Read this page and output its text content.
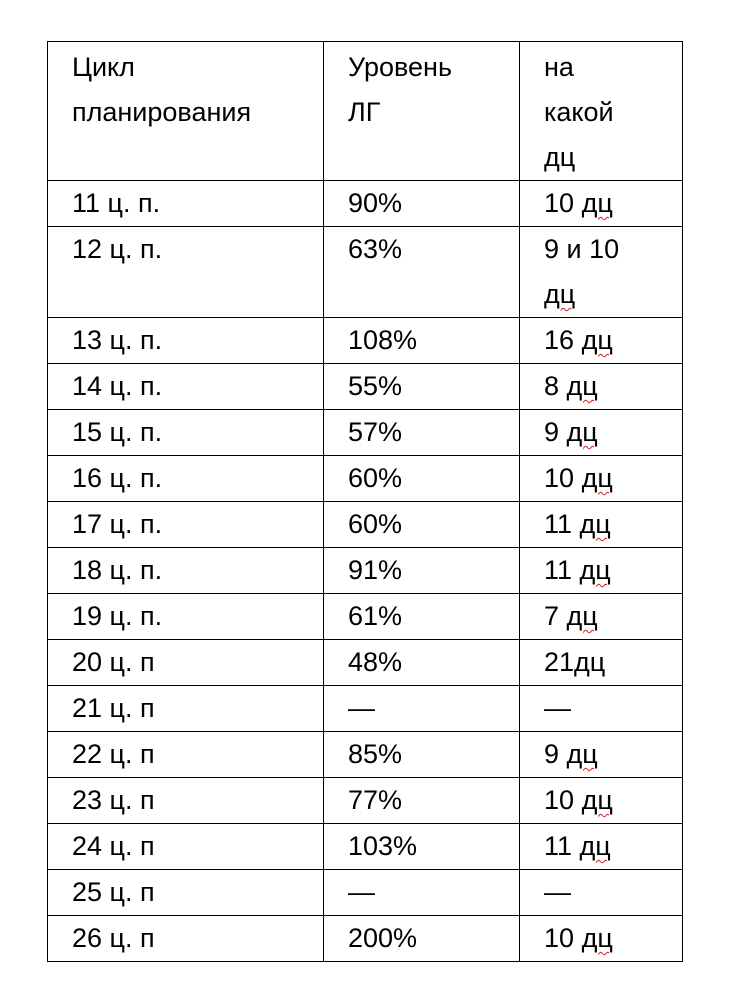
Цикл планирования	Уровень ЛГ	на какой дц

11 ц. п.	90%	10 дц
12 ц. п.	63%	9 и 10
дц
13 ц. п.	108%	16 дц
14 ц. п.	55%	8 дц
15 ц. п.	57%	9 дц
16 ц. п.	60%	10 дц
17 ц. п.	60%	11 дц
18 ц. п.	91%	11 дц
19 ц. п.	61%	7 дц
20 ц. п	48%	21дц
21 ц. п	—	—
22 ц. п	85%	9 дц
23 ц. п	77%	10 дц
24 ц. п	103%	11 дц
25 ц. п	—	—
26 ц. п	200%	10 дц
